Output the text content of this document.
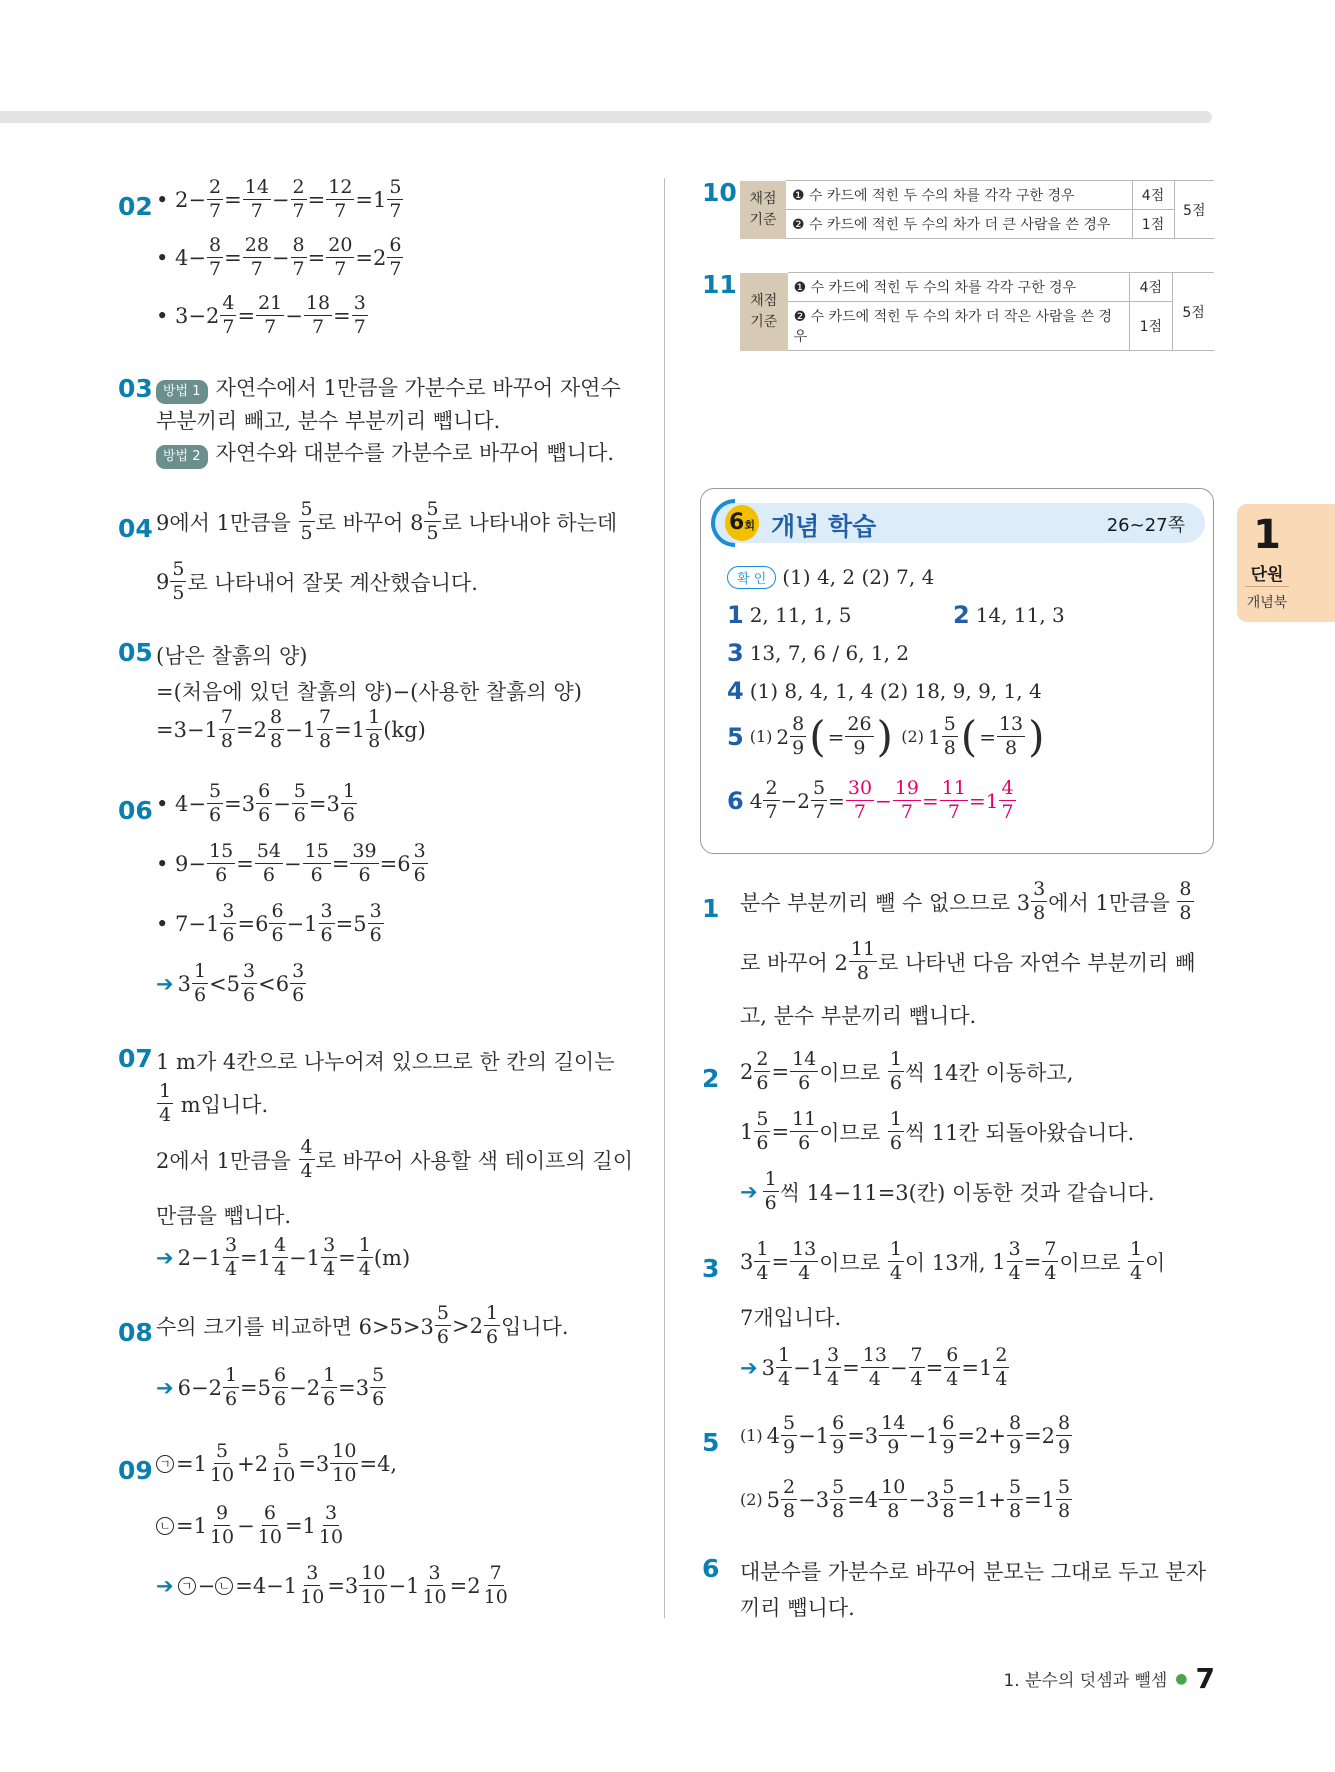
02 • $2- \frac{2}{7} = \frac{14}{7} - \frac{2}{7} = \frac{12}{7} =1 \frac{5}{7}$
• $4- \frac{8}{7} = \frac{28}{7} - \frac{8}{7} = \frac{20}{7} =2 \frac{6}{7}$
• $3-2 \frac{4}{7} = \frac{21}{7} - \frac{18}{7} = \frac{3}{7}$
03 방법 1 자연수에서 1만큼을 가분수로 바꾸어 자연수
부분끼리 빼고, 분수 부분끼리 뺍니다.
방법 2 자연수와 대분수를 가분수로 바꾸어 뺍니다.
04 9에서 1만큼을
$\frac{5}{5}$ 로 바꾸어 $8 \frac{5}{5}$ 로 나타내야 하는데
$9 \frac{5}{5}$ 로 나타내어 잘못 계산했습니다.
05 (남은 찰흙의 양)
=(처음에 있던 찰흙의 양)−(사용한 찰흙의 양)
$=3-1 \frac{7}{8} =2 \frac{8}{8} -1 \frac{7}{8} =1 \frac{1}{8} (kg)$
06 • $4- \frac{5}{6} =3 \frac{6}{6} - \frac{5}{6} =3 \frac{1}{6}$
• $9- \frac{15}{6} = \frac{54}{6} - \frac{15}{6} = \frac{39}{6} =6 \frac{3}{6}$
• $7-1 \frac{3}{6} =6 \frac{6}{6} -1 \frac{3}{6} =5 \frac{3}{6}$
➔ $3 \frac{1}{6} <5 \frac{3}{6} <6 \frac{3}{6}$
07 1 m가 4칸으로 나누어져 있으므로 한 칸의 길이는
$\frac{1}{4}$
m입니다.
2에서 1만큼을
$\frac{4}{4}$ 로 바꾸어 사용할 색 테이프의 길이
만큼을 뺍니다.
➔ $2-1 \frac{3}{4} =1 \frac{4}{4} -1 \frac{3}{4} = \frac{1}{4} (m)$
08 수의 크기를 비교하면 $6>5>3 \frac{5}{6} >2 \frac{1}{6}$ 입니다.
➔ $6-2 \frac{1}{6} =5 \frac{6}{6} -2 \frac{1}{6} =3 \frac{5}{6}$
09 ㄱ $=1 \frac{5}{10} +2 \frac{5}{10} =3 \frac{10}{10} =4$,
ㄴ $=1 \frac{9}{10} - \frac{6}{10} =1 \frac{3}{10}$
➔ ㄱ − ㄴ $=4-1 \frac{3}{10} =3 \frac{10}{10} -1 \frac{3}{10} =2 \frac{7}{10}$
10 채점 기준	❶ 수 카드에 적힌 두 수의 차를 각각 구한 경우	4점	5점
	❷ 수 카드에 적힌 두 수의 차가 더 큰 사람을 쓴 경우	1점	
11
채점 기준	❶ 수 카드에 적힌 두 수의 차를 각각 구한 경우	4점	5점
	❷ 수 카드에 적힌 두 수의 차가 더 작은 사람을 쓴 경우	1점	
6회 개념 학습	26~27쪽
확 인 (1) 4, 2 (2) 7, 4
1 2, 11, 1, 5	2 14, 11, 3
3 13, 7, 6 / 6, 1, 2
4 (1) 8, 4, 1, 4 (2) 18, 9, 9, 1, 4
5 (1) $2 \frac{8}{9}$ ( = $\frac{26}{9}$ )
(2) $1 \frac{5}{8}$ ( = $\frac{13}{8}$ )
6 $4 \frac{2}{7} -2 \frac{5}{7} = \frac{30}{7} - \frac{19}{7} = \frac{11}{7} =1 \frac{4}{7}$
1 분수 부분끼리 뺄 수 없으므로 $3 \frac{3}{8}$ 에서 1만큼을
$\frac{8}{8}$
로 바꾸어 $2 \frac{11}{8}$ 로 나타낸 다음 자연수 부분끼리 빼
고, 분수 부분끼리 뺍니다.
2 $2 \frac{2}{6} = \frac{14}{6}$ 이므로
$\frac{1}{6}$ 씩 14칸 이동하고,
$1 \frac{5}{6} = \frac{11}{6}$ 이므로
$\frac{1}{6}$ 씩 11칸 되돌아왔습니다.
➔ $\frac{1}{6}$ 씩 14−11=3(칸) 이동한 것과 같습니다.
3 $3 \frac{1}{4} = \frac{13}{4}$ 이므로
$\frac{1}{4}$ 이 13개, $1 \frac{3}{4} = \frac{7}{4}$ 이므로
$\frac{1}{4}$ 이
7개입니다.
➔ $3 \frac{1}{4} -1 \frac{3}{4} = \frac{13}{4} - \frac{7}{4} = \frac{6}{4} =1 \frac{2}{4}$
5 (1) $4 \frac{5}{9} -1 \frac{6}{9} =3 \frac{14}{9} -1 \frac{6}{9} =2+ \frac{8}{9} =2 \frac{8}{9}$
(2) $5 \frac{2}{8} -3 \frac{5}{8} =4 \frac{10}{8} -3 \frac{5}{8} =1+ \frac{5}{8} =1 \frac{5}{8}$
6 대분수를 가분수로 바꾸어 분모는 그대로 두고 분자
끼리 뺍니다.
1
단원
개념북
1. 분수의 덧셈과 뺄셈 ● 7
